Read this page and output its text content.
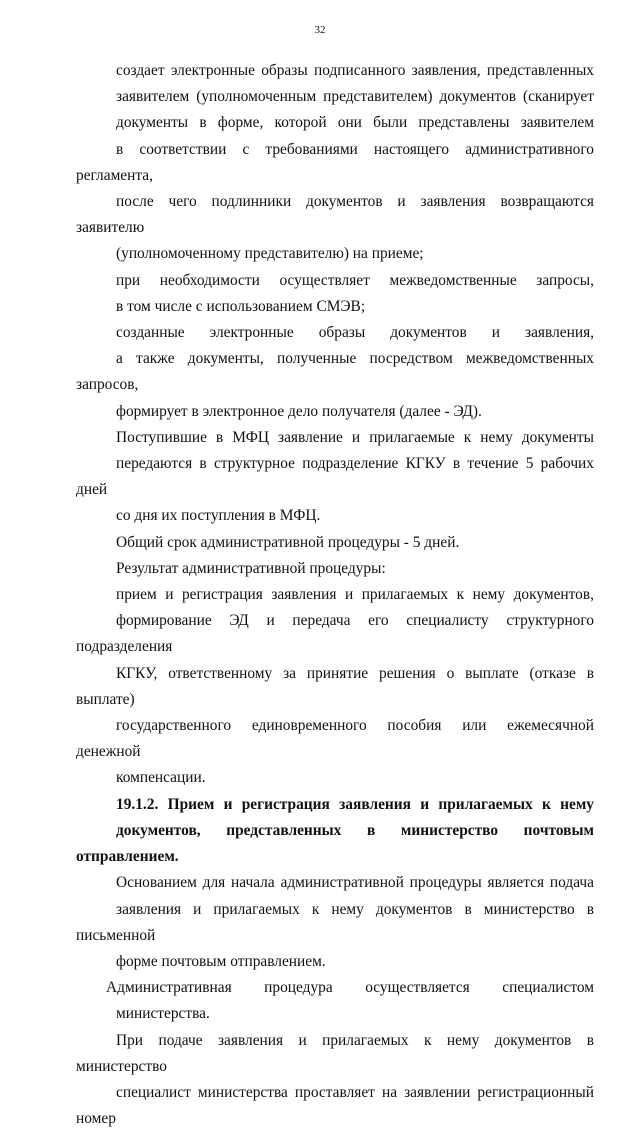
32

создает электронные образы подписанного заявления, представленных
заявителем (уполномоченным представителем) документов (сканирует
документы в форме, которой они были представлены заявителем
в соответствии с требованиями настоящего административного регламента,
после чего подлинники документов и заявления возвращаются заявителю
(уполномоченному представителю) на приеме;

при необходимости осуществляет межведомственные запросы,
в том числе с использованием СМЭВ;

созданные электронные образы документов и заявления,
а также документы, полученные посредством межведомственных запросов,
формирует в электронное дело получателя (далее - ЭД).

Поступившие в МФЦ заявление и прилагаемые к нему документы
передаются в структурное подразделение КГКУ в течение 5 рабочих дней
со дня их поступления в МФЦ.

Общий срок административной процедуры - 5 дней.

Результат административной процедуры:

прием и регистрация заявления и прилагаемых к нему документов,
формирование ЭД и передача его специалисту структурного подразделения
КГКУ, ответственному за принятие решения о выплате (отказе в выплате)
государственного единовременного пособия или ежемесячной денежной
компенсации.

19.1.2. Прием и регистрация заявления и прилагаемых к нему
документов, представленных в министерство почтовым отправлением.

Основанием для начала административной процедуры является подача
заявления и прилагаемых к нему документов в министерство в письменной
форме почтовым отправлением.

Административная процедура осуществляется специалистом
министерства.

При подаче заявления и прилагаемых к нему документов в министерство
специалист министерства проставляет на заявлении регистрационный номер
